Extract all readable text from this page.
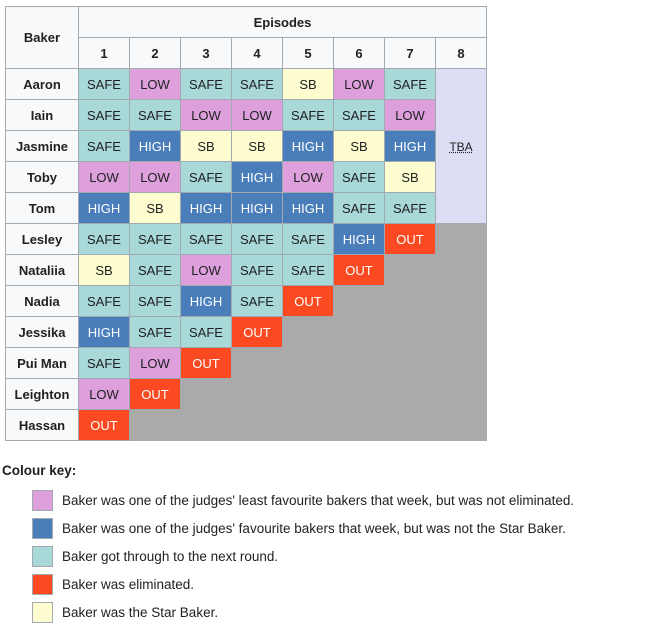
Baker	Episodes							
	1	2	3	4	5	6	7	8
Aaron	SAFE	LOW	SAFE	SAFE	SB	LOW	SAFE	TBA
Iain	SAFE	SAFE	LOW	LOW	SAFE	SAFE	LOW	
Jasmine	SAFE	HIGH	SB	SB	HIGH	SB	HIGH	
Toby	LOW	LOW	SAFE	HIGH	LOW	SAFE	SB	
Tom	HIGH	SB	HIGH	HIGH	HIGH	SAFE	SAFE	
Lesley	SAFE	SAFE	SAFE	SAFE	SAFE	HIGH	OUT	
Nataliia	SB	SAFE	LOW	SAFE	SAFE	OUT		
Nadia	SAFE	SAFE	HIGH	SAFE	OUT			
Jessika	HIGH	SAFE	SAFE	OUT				
Pui Man	SAFE	LOW	OUT					
Leighton	LOW	OUT						
Hassan	OUT							
Colour key:
Baker was one of the judges' least favourite bakers that week, but was not eliminated.
Baker was one of the judges' favourite bakers that week, but was not the Star Baker.
Baker got through to the next round.
Baker was eliminated.
Baker was the Star Baker.
